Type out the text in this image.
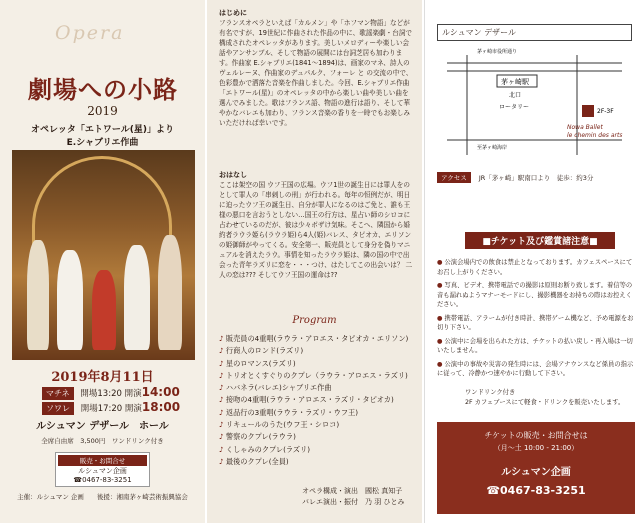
Opera
劇場への小路
2019
オペレッタ「エトワール(星)」より
E.シャブリエ作曲
2019年8月11日
マチネ 開場13:20 開演14:00
ソワレ 開場17:20 開演18:00
ルシュマン デザール　ホール
全席自由席　3,500円　ワンドリンク付き
販売・お問合せ
ルシュマン企画
☎0467-83-3251
主催：ルシュマン 企画　　後援：湘南茅ヶ崎芸術振興協会
はじめに
フランスオペラといえば「カルメン」や「ホフマン物語」などが有名ですが、19世紀に作曲された作品の中に、歌謡楽劇・台詞で構成されたオペレッタがあります。美しいメロディーや楽しい会話やアンサンブル、そして物語の展開には台詞芝居も加わります。作曲家 E.シャブリエ(1841〜1894)は、画家のマネ、詩人のヴェルレーヌ、作曲家のデュパルク、フォーレ と の交流の中で、色彩豊かで洒落た音楽を作曲しました。今回、E.シャブリエ作曲「エトワール(星)」のオペレッタの中から楽しい曲や美しい曲を選んでみました。歌はフランス語、物語の進行は語り、そして華やかなバレエも加わり、フランス音楽の香りを一時でもお楽しみいただければ幸いです。
おはなし
ここは架空の国 ウフ王国の広場。ウフ1世の誕生日には罪人をのとして罪人の「串刺しの刑」が行われる。毎年の恒例だが、明日に迫ったウフ王の誕生日、自分が罪人になるのはご免と、誰も王様の悪口を言おうとしない…国王の行方は、星占い師のシロコに占わせているのだが、彼は少々ボザけ気味。そこへ、隣国から婚約者ラウラ姫ら(ラウラ姫)ら4人(姫)バレス、タピオカ、エリソンの姫御師がやってくる。安全第一、販売員として身分を偽りマニュアルを消えたラウ。事情を知ったラウラ姫は、隣の国の中で出会った青年ラズリに恋を・・・つけ、はたしてこの出会いは？ 二人の恋は??? そしてウフ王国の運命は??
Program
♪ 販売員の4重唱(ラウラ・アロエス・タピオカ・エリソン)
♪ 行商人のロンド(ラズリ)
♪ 星のロマンス(ラズリ)
♪ トリオとくすぐりのクプレ（ラウラ・アロエス・ラズリ)
♪ ハバネラ(バレエ)シャブリエ作曲
♪ 接吻の4重唱(ラウラ・アロエス・ラズリ・タピオカ)
♪ 返品行の3重唱(ラウラ・ラズリ・ウフ王)
♪ リキュールのうた(ウフ王・シロコ)
♪ 警察のクプレ(ラウラ)
♪ くしゃみのクプレ(ラズリ)
♪ 最後のクプレ(全員)
オペラ構成・演出　國松 真知子
バレエ演出・振付　乃 羽 ひとみ
ルシュマン デザール
茅ヶ崎駅
北口
ロータリー
2F-3F
Nowa Ballet
le chemin des arts
茅ヶ崎市役所通り
至茅ヶ崎海岸
アクセス JR「茅ヶ崎」駅南口より　徒歩：約3分
■チケット及び鑑賞諸注意■
● 公演会場内での飲食は禁止となっております。カフェスペースにてお召し上がりください。
● 写真、ビデオ、携帯電話での撮影は原則お断り致します。着信等の音も漏れぬようマナーモードにし、撮影機器をお持ちの際はお控えください。
● 携帯電話、アラームが付き時計、携帯ゲーム機など、予め電源をお切り下さい。
● 公演中に会場を出られた方は、チケットの払い戻し・再入場は一切いたしません。
● 公演中の事故や災害の発生時には、会場アナウンスなど係員の指示に従って、冷静かつ速やかに行動して下さい。
ワンドリンク付き
2F カフェブースにて軽食・ドリンクを販売いたします。
チケットの販売・お問合せは
（月〜土 10:00 - 21:00）
ルシュマン企画
☎0467-83-3251
